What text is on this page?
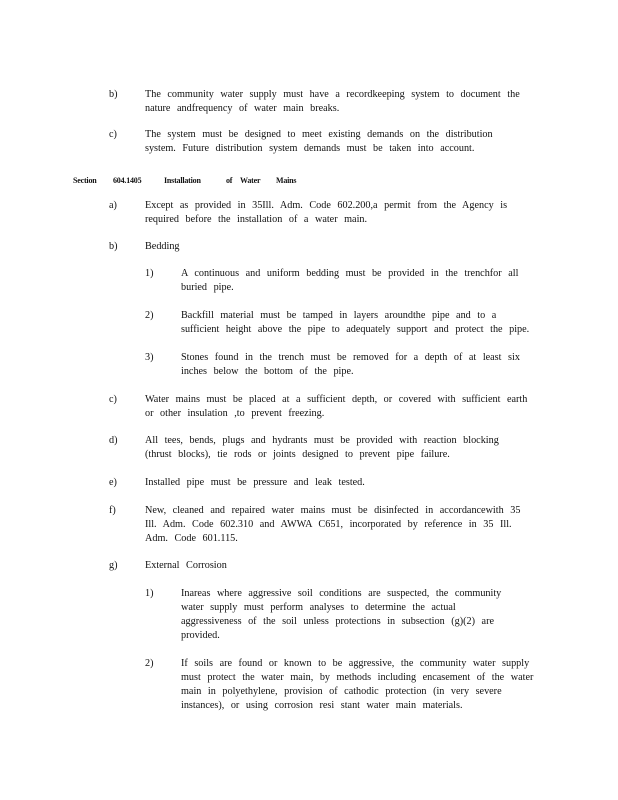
b)	The community water supply must have a recordkeeping system to document the nature andfrequency of water main breaks.
c)	The system must be designed to meet existing demands on the distribution system. Future distribution system demands must be taken into account.
Section 604.1405	Installation	of Water Mains
a)	Except as provided in 35Ill. Adm. Code 602.200,a permit from the Agency is required before the installation of a water main.
b)	Bedding
1)	A continuous and uniform bedding must be provided in the trenchfor all buried pipe.
2)	Backfill material must be tamped in layers aroundthe pipe and to a sufficient height above the pipe to adequately support and protect the pipe.
3)	Stones found in the trench must be removed for a depth of at least six inches below the bottom of the pipe.
c)	Water mains must be placed at a sufficient depth, or covered with sufficient earth or other insulation ,to prevent freezing.
d)	All tees, bends, plugs and hydrants must be provided with reaction blocking (thrust blocks), tie rods or joints designed to prevent pipe failure.
e)	Installed pipe must be pressure and leak tested.
f)	New, cleaned and repaired water mains must be disinfected in accordancewith 35 Ill. Adm. Code 602.310 and AWWA C651, incorporated by reference in 35 Ill. Adm. Code 601.115.
g)	External Corrosion
1)	Inareas where aggressive soil conditions are suspected, the community water supply must perform analyses to determine the actual aggressiveness of the soil unless protections in subsection (g)(2) are provided.
2)	If soils are found or known to be aggressive, the community water supply must protect the water main, by methods including encasement of the water main in polyethylene, provision of cathodic protection (in very severe instances), or using corrosion resi stant water main materials.
